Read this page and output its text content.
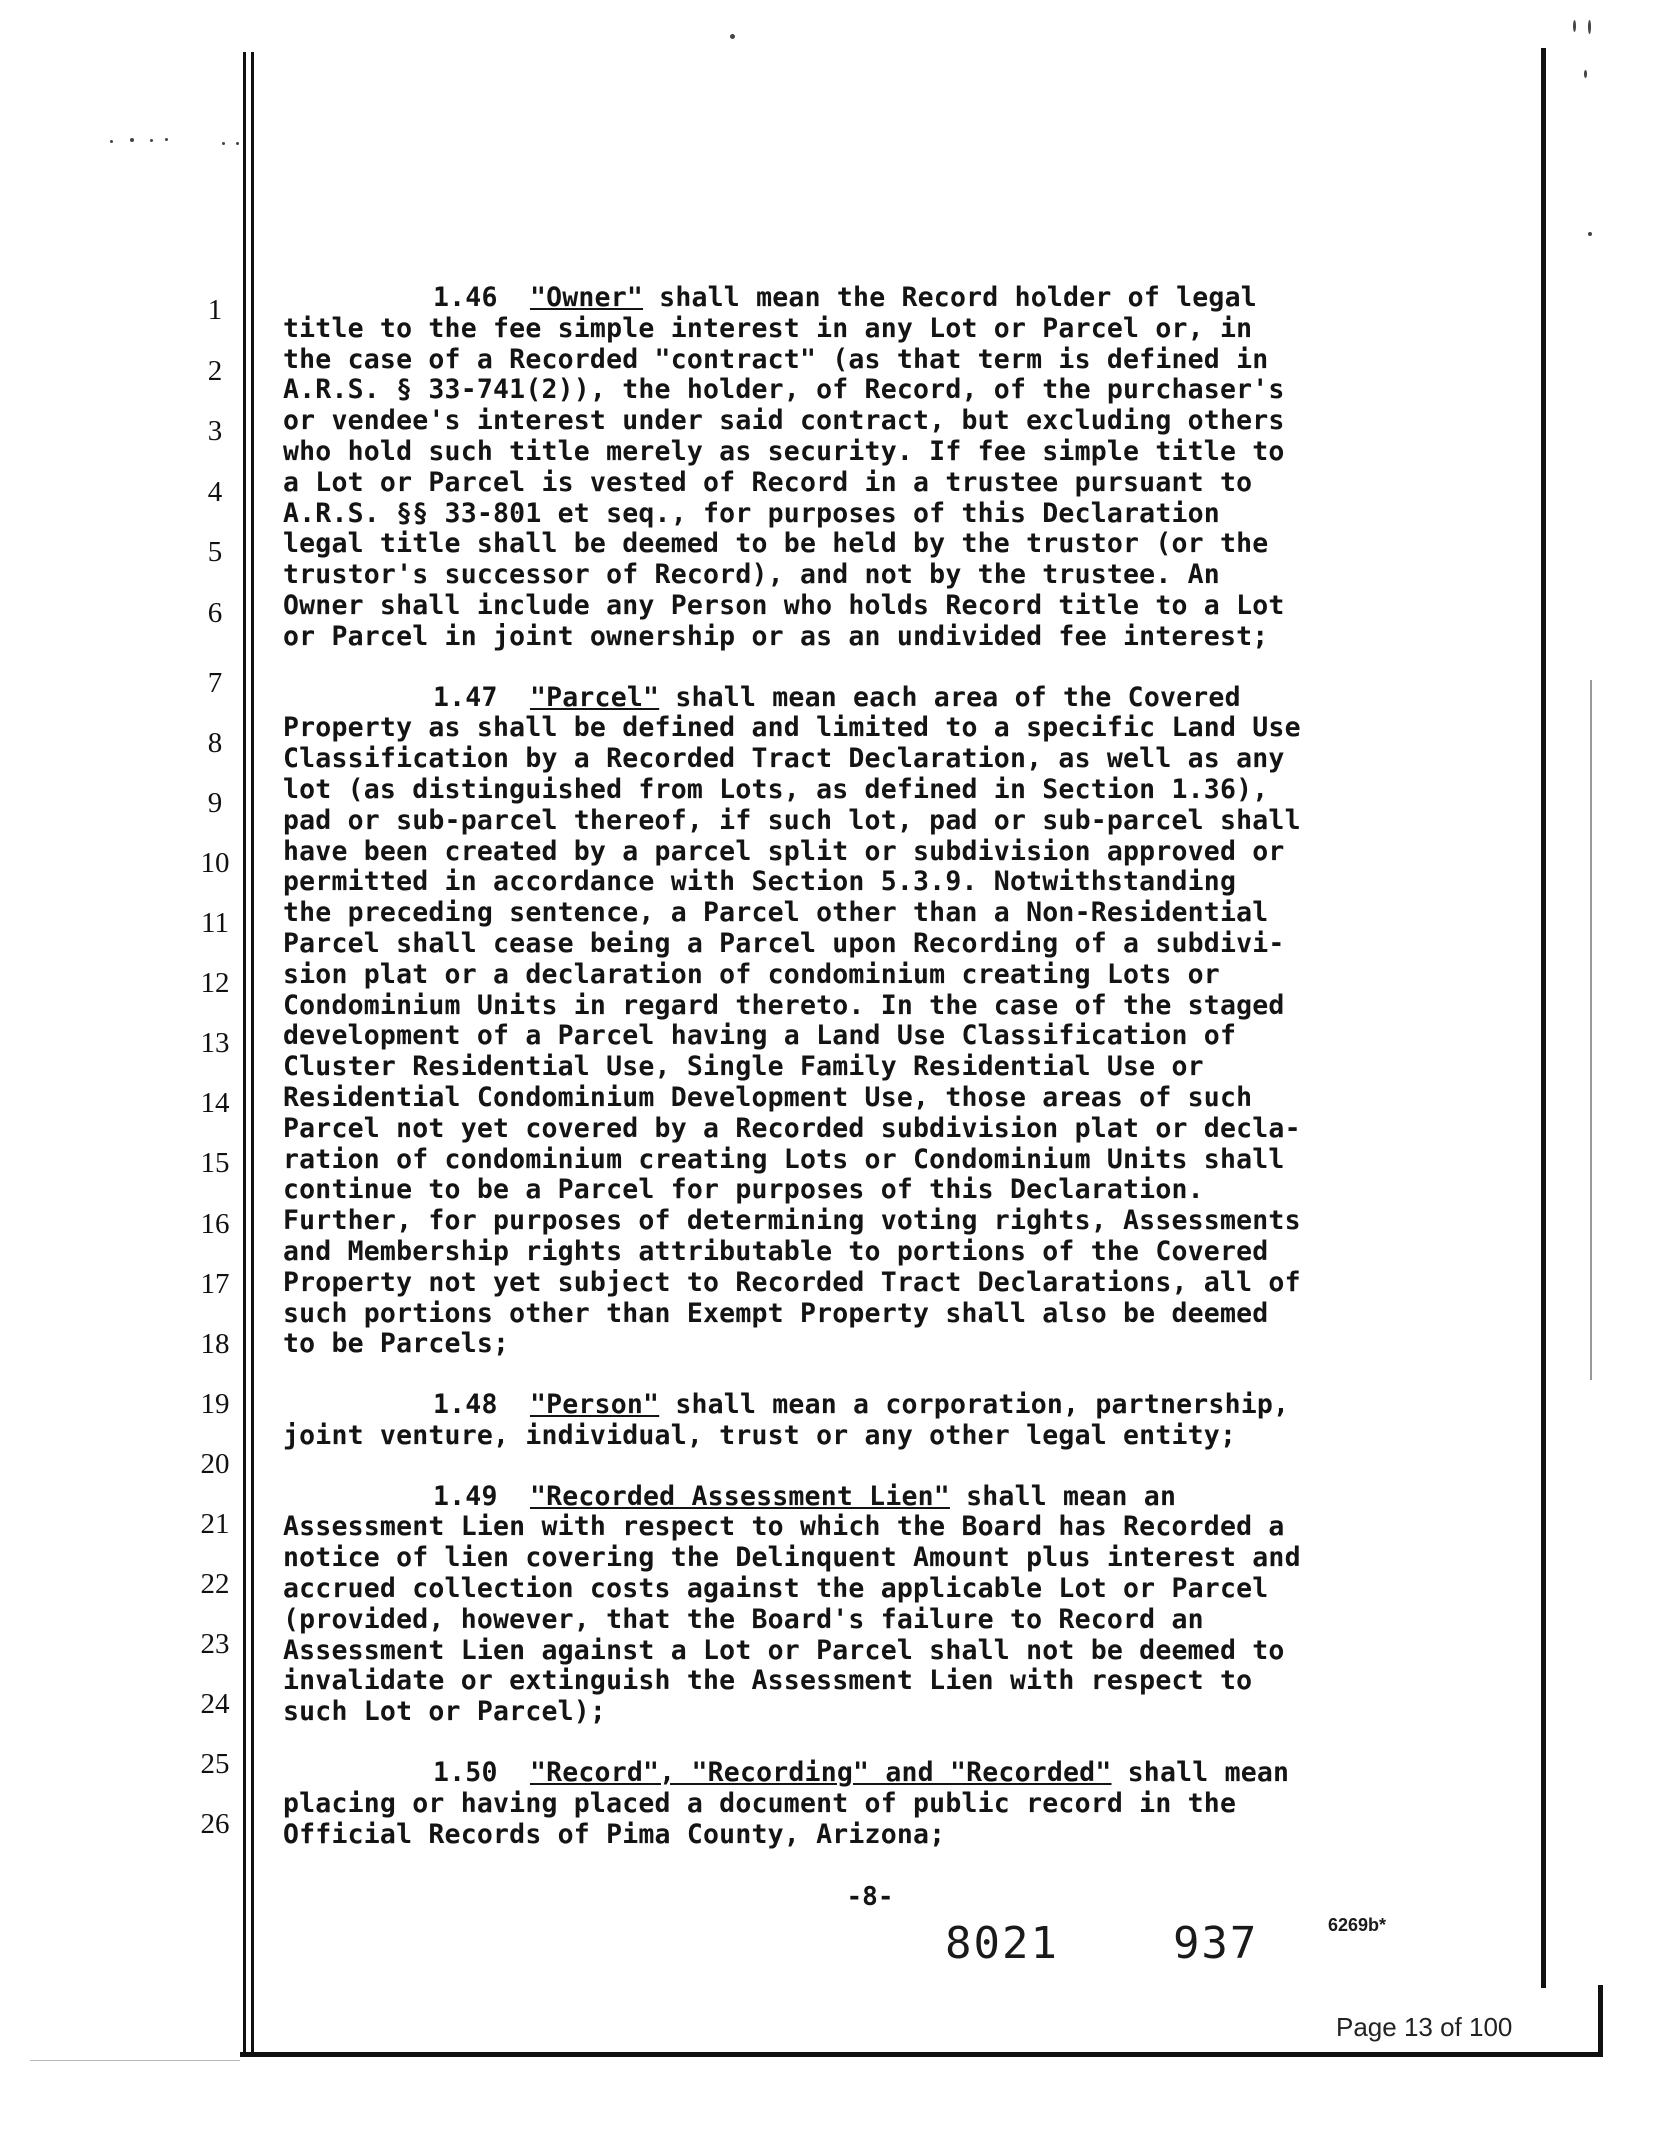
1
2
3
4
5
6
7
8
9
10
11
12
13
14
15
16
17
18
19
20
21
22
23
24
25
26
1.46 "Owner" shall mean the Record holder of legal
title to the fee simple interest in any Lot or Parcel or, in
the case of a Recorded "contract" (as that term is defined in
A.R.S. § 33-741(2)), the holder, of Record, of the purchaser's
or vendee's interest under said contract, but excluding others
who hold such title merely as security. If fee simple title to
a Lot or Parcel is vested of Record in a trustee pursuant to
A.R.S. §§ 33-801 et seq., for purposes of this Declaration
legal title shall be deemed to be held by the trustor (or the
trustor's successor of Record), and not by the trustee. An
Owner shall include any Person who holds Record title to a Lot
or Parcel in joint ownership or as an undivided fee interest;
1.47 "Parcel" shall mean each area of the Covered
Property as shall be defined and limited to a specific Land Use
Classification by a Recorded Tract Declaration, as well as any
lot (as distinguished from Lots, as defined in Section 1.36),
pad or sub-parcel thereof, if such lot, pad or sub-parcel shall
have been created by a parcel split or subdivision approved or
permitted in accordance with Section 5.3.9. Notwithstanding
the preceding sentence, a Parcel other than a Non-Residential
Parcel shall cease being a Parcel upon Recording of a subdivi-
sion plat or a declaration of condominium creating Lots or
Condominium Units in regard thereto. In the case of the staged
development of a Parcel having a Land Use Classification of
Cluster Residential Use, Single Family Residential Use or
Residential Condominium Development Use, those areas of such
Parcel not yet covered by a Recorded subdivision plat or decla-
ration of condominium creating Lots or Condominium Units shall
continue to be a Parcel for purposes of this Declaration.
Further, for purposes of determining voting rights, Assessments
and Membership rights attributable to portions of the Covered
Property not yet subject to Recorded Tract Declarations, all of
such portions other than Exempt Property shall also be deemed
to be Parcels;
1.48 "Person" shall mean a corporation, partnership,
joint venture, individual, trust or any other legal entity;
1.49 "Recorded Assessment Lien" shall mean an
Assessment Lien with respect to which the Board has Recorded a
notice of lien covering the Delinquent Amount plus interest and
accrued collection costs against the applicable Lot or Parcel
(provided, however, that the Board's failure to Record an
Assessment Lien against a Lot or Parcel shall not be deemed to
invalidate or extinguish the Assessment Lien with respect to
such Lot or Parcel);
1.50 "Record", "Recording" and "Recorded" shall mean
placing or having placed a document of public record in the
Official Records of Pima County, Arizona;
-8-
8021	937	6269b*
Page 13 of 100
